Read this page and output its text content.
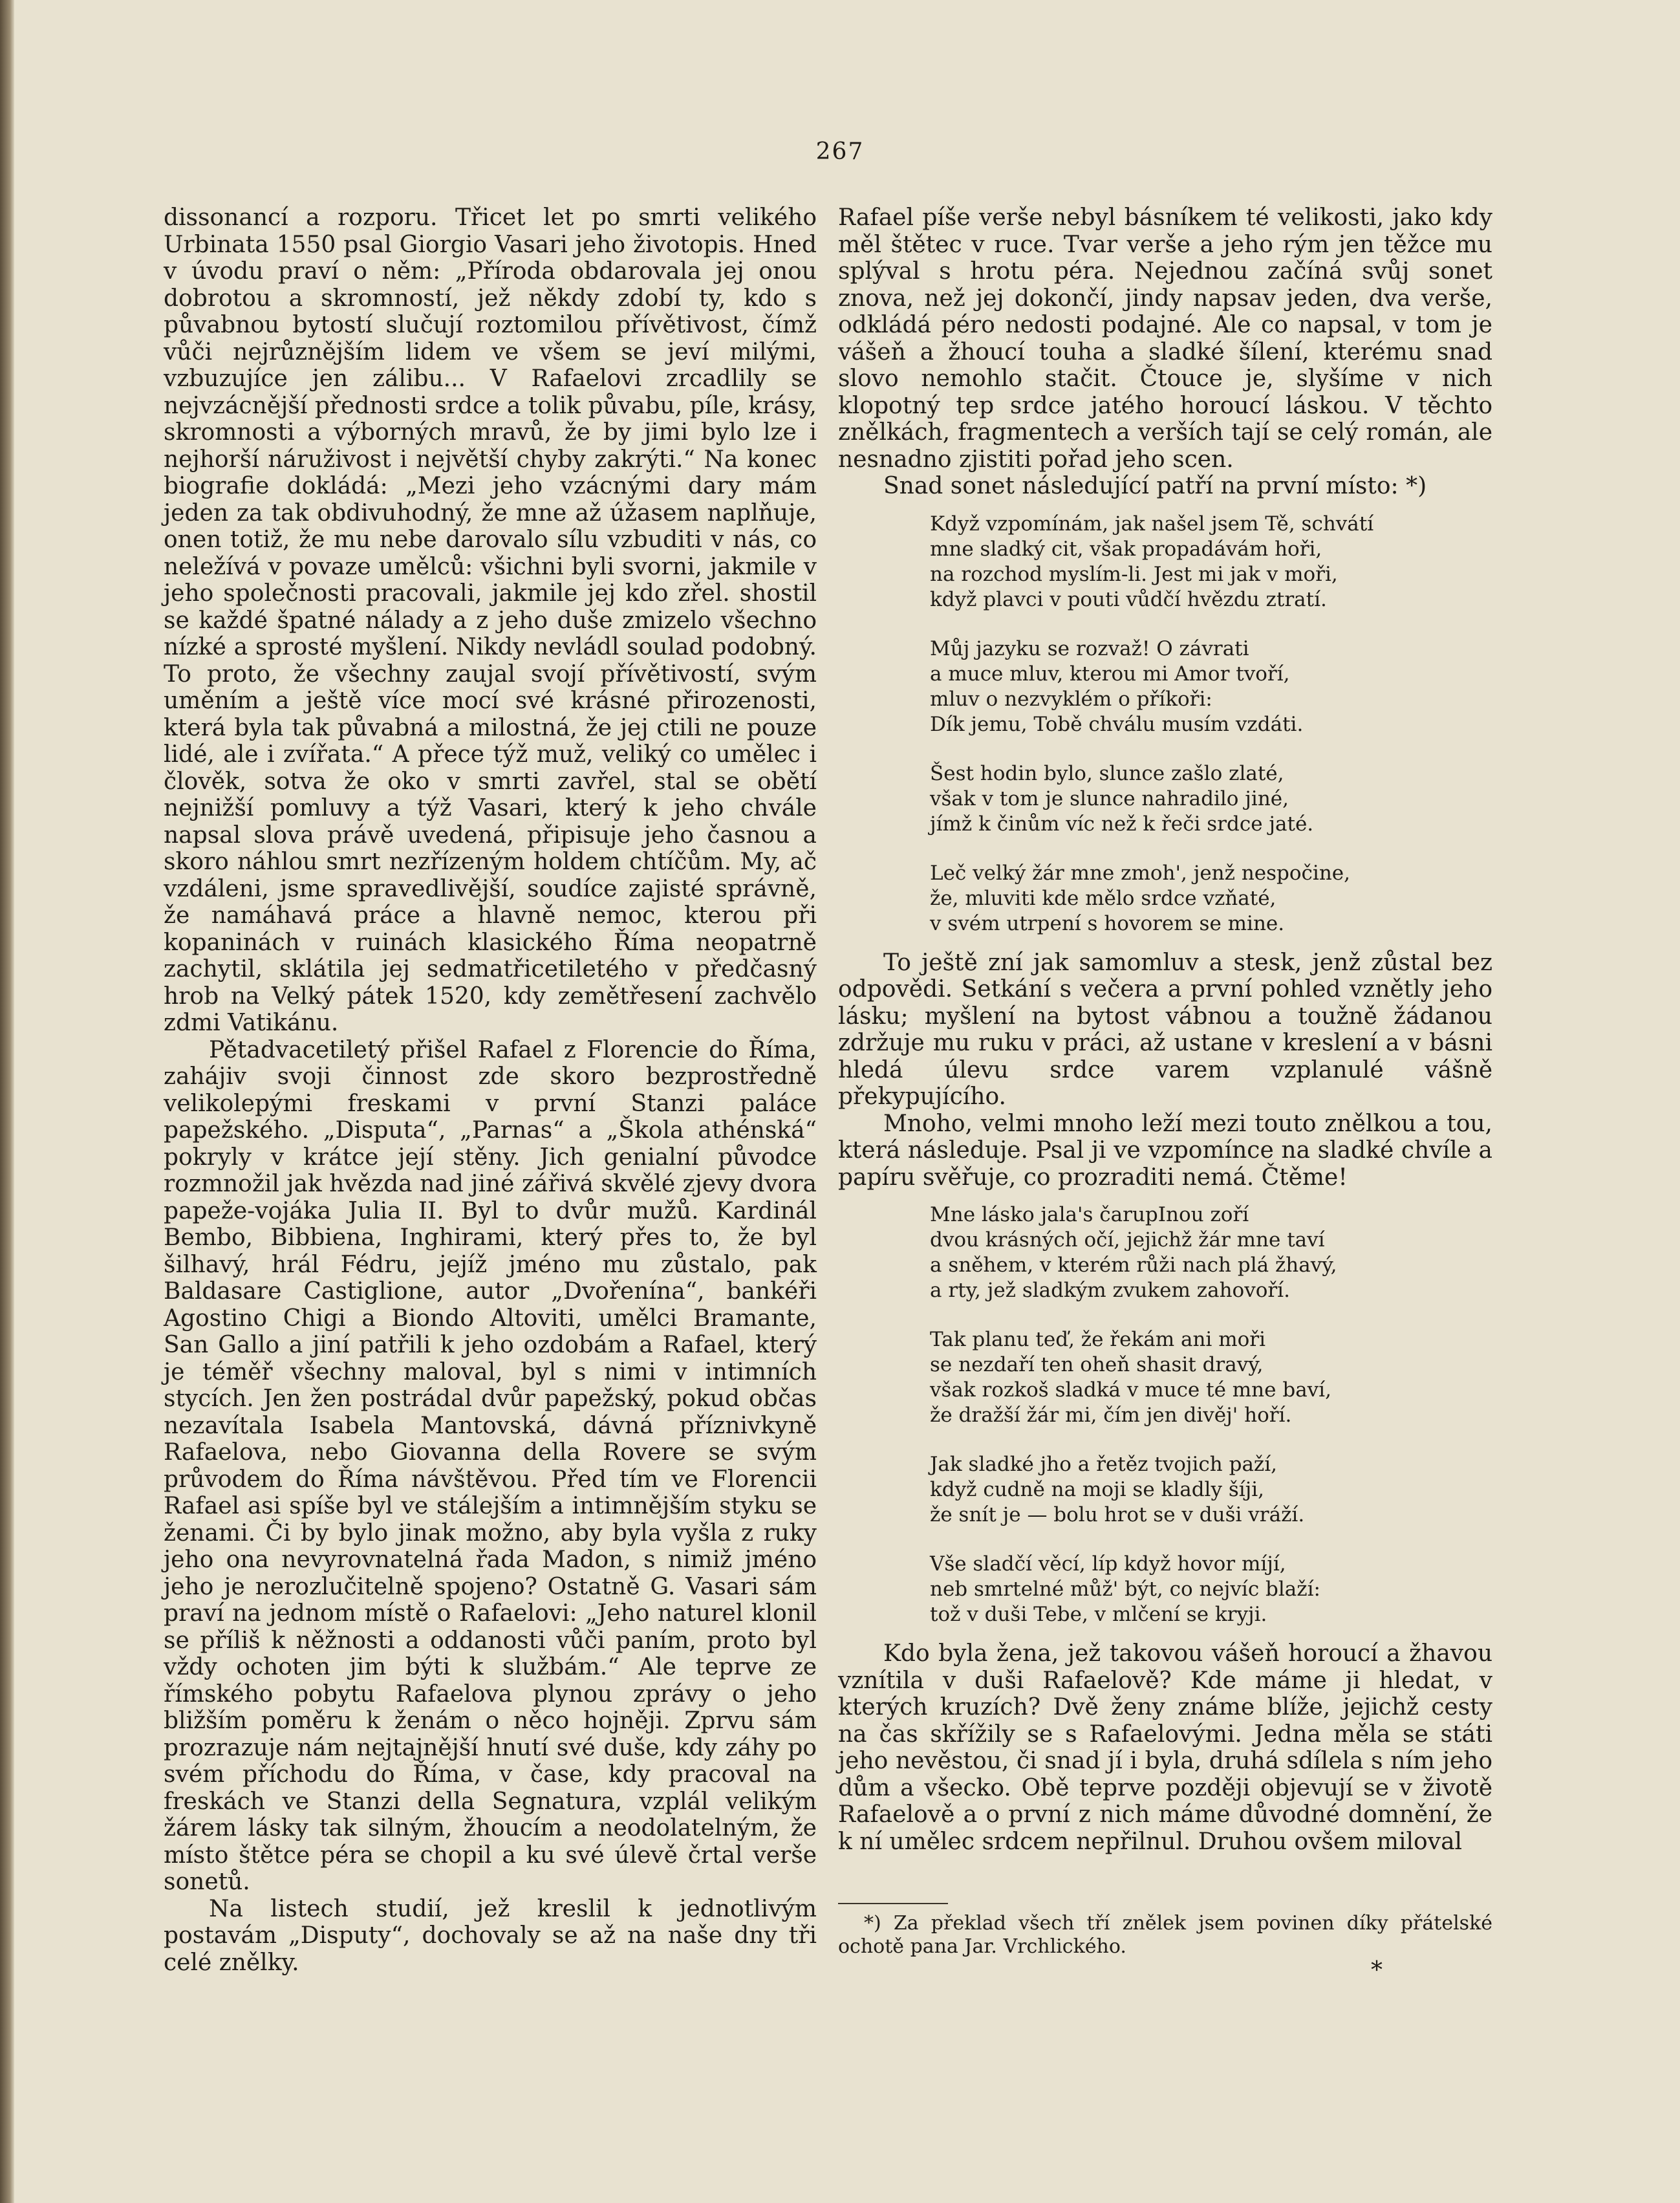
267

dissonancí a rozporu. Třicet let po smrti velikého Urbinata 1550 psal Giorgio Vasari jeho životopis. Hned v úvodu praví o něm: „Příroda obdarovala jej onou dobrotou a skromností, jež někdy zdobí ty, kdo s půvabnou bytostí slučují roztomilou přívětivost, čímž vůči nejrůznějším lidem ve všem se jeví milými, vzbuzujíce jen zálibu... V Rafaelovi zrcadlily se nejvzácnější přednosti srdce a tolik půvabu, píle, krásy, skromnosti a výborných mravů, že by jimi bylo lze i nejhorší náruživost i největší chyby zakrýti.“ Na konec biografie dokládá: „Mezi jeho vzácnými dary mám jeden za tak obdivuhodný, že mne až úžasem naplňuje, onen totiž, že mu nebe darovalo sílu vzbuditi v nás, co neležívá v povaze umělců: všichni byli svorni, jakmile v jeho společnosti pracovali, jakmile jej kdo zřel. shostil se každé špatné nálady a z jeho duše zmizelo všechno nízké a sprosté myšlení. Nikdy nevládl soulad podobný. To proto, že všechny zaujal svojí přívětivostí, svým uměním a ještě více mocí své krásné přirozenosti, která byla tak půvabná a milostná, že jej ctili ne pouze lidé, ale i zvířata.“ A přece týž muž, veliký co umělec i člověk, sotva že oko v smrti zavřel, stal se obětí nejnižší pomluvy a týž Vasari, který k jeho chvále napsal slova právě uvedená, připisuje jeho časnou a skoro náhlou smrt nezřízeným holdem chtíčům. My, ač vzdáleni, jsme spravedlivější, soudíce zajisté správně, že namáhavá práce a hlavně nemoc, kterou při kopaninách v ruinách klasického Říma neopatrně zachytil, sklátila jej sedmatřicetiletého v předčasný hrob na Velký pátek 1520, kdy zemětřesení zachvělo zdmi Vatikánu.

Pětadvacetiletý přišel Rafael z Florencie do Říma, zahájiv svoji činnost zde skoro bezprostředně velikolepými freskami v první Stanzi paláce papežského. „Disputa“, „Parnas“ a „Škola athénská“ pokryly v krátce její stěny. Jich genialní původce rozmnožil jak hvězda nad jiné zářivá skvělé zjevy dvora papeže-vojáka Julia II. Byl to dvůr mužů. Kardinál Bembo, Bibbiena, Inghirami, který přes to, že byl šilhavý, hrál Fédru, jejíž jméno mu zůstalo, pak Baldasare Castiglione, autor „Dvořenína“, bankéři Agostino Chigi a Biondo Altoviti, umělci Bramante, San Gallo a jiní patřili k jeho ozdobám a Rafael, který je téměř všechny maloval, byl s nimi v intimních stycích. Jen žen postrádal dvůr papežský, pokud občas nezavítala Isabela Mantovská, dávná příznivkyně Rafaelova, nebo Giovanna della Rovere se svým průvodem do Říma návštěvou. Před tím ve Florencii Rafael asi spíše byl ve stálejším a intimnějším styku se ženami. Či by bylo jinak možno, aby byla vyšla z ruky jeho ona nevyrovnatelná řada Madon, s nimiž jméno jeho je nerozlučitelně spojeno? Ostatně G. Vasari sám praví na jednom místě o Rafaelovi: „Jeho naturel klonil se příliš k něžnosti a oddanosti vůči paním, proto byl vždy ochoten jim býti k službám.“ Ale teprve ze římského pobytu Rafaelova plynou zprávy o jeho bližším poměru k ženám o něco hojněji. Zprvu sám prozrazuje nám nejtajnější hnutí své duše, kdy záhy po svém příchodu do Říma, v čase, kdy pracoval na freskách ve Stanzi della Segnatura, vzplál velikým žárem lásky tak silným, žhoucím a neodolatelným, že místo štětce péra se chopil a ku své úlevě črtal verše sonetů.

Na listech studií, jež kreslil k jednotlivým postavám „Disputy“, dochovaly se až na naše dny tři celé znělky.

Rafael píše verše nebyl básníkem té velikosti, jako kdy měl štětec v ruce. Tvar verše a jeho rým jen těžce mu splýval s hrotu péra. Nejednou začíná svůj sonet znova, než jej dokončí, jindy napsav jeden, dva verše, odkládá péro nedosti podajné. Ale co napsal, v tom je vášeň a žhoucí touha a sladké šílení, kterému snad slovo nemohlo stačit. Čtouce je, slyšíme v nich klopotný tep srdce jatého horoucí láskou. V těchto znělkách, fragmentech a verších tají se celý román, ale nesnadno zjistiti pořad jeho scen.

Snad sonet následující patří na první místo: *)

Když vzpomínám, jak našel jsem Tě, schvátí
mne sladký cit, však propadávám hoři,
na rozchod myslím-li. Jest mi jak v moři,
když plavci v pouti vůdčí hvězdu ztratí.
Můj jazyku se rozvaž! O závrati
a muce mluv, kterou mi Amor tvoří,
mluv o nezvyklém o příkoři:
Dík jemu, Tobě chválu musím vzdáti.
Šest hodin bylo, slunce zašlo zlaté,
však v tom je slunce nahradilo jiné,
jímž k činům víc než k řeči srdce jaté.
Leč velký žár mne zmoh', jenž nespočine,
že, mluviti kde mělo srdce vzňaté,
v svém utrpení s hovorem se mine.

To ještě zní jak samomluv a stesk, jenž zůstal bez odpovědi. Setkání s večera a první pohled vznětly jeho lásku; myšlení na bytost vábnou a toužně žádanou zdržuje mu ruku v práci, až ustane v kreslení a v básni hledá úlevu srdce varem vzplanulé vášně překypujícího.

Mnoho, velmi mnoho leží mezi touto znělkou a tou, která následuje. Psal ji ve vzpomínce na sladké chvíle a papíru svěřuje, co prozraditi nemá. Čtěme!

Mne lásko jala's čarupInou zoří
dvou krásných očí, jejichž žár mne taví
a sněhem, v kterém růži nach plá žhavý,
a rty, jež sladkým zvukem zahovoří.
Tak planu teď, že řekám ani moři
se nezdaří ten oheň shasit dravý,
však rozkoš sladká v muce té mne baví,
že dražší žár mi, čím jen divěj' hoří.
Jak sladké jho a řetěz tvojich paží,
když cudně na moji se kladly šíji,
že snít je — bolu hrot se v duši vráží.
Vše sladčí věcí, líp když hovor míjí,
neb smrtelné můž' být, co nejvíc blaží:
tož v duši Tebe, v mlčení se kryji.

Kdo byla žena, jež takovou vášeň horoucí a žhavou vznítila v duši Rafaelově? Kde máme ji hledat, v kterých kruzích? Dvě ženy známe blíže, jejichž cesty na čas skřížily se s Rafaelovými. Jedna měla se státi jeho nevěstou, či snad jí i byla, druhá sdílela s ním jeho dům a všecko. Obě teprve později objevují se v životě Rafaelově a o první z nich máme důvodné domnění, že k ní umělec srdcem nepřilnul. Druhou ovšem miloval

*) Za překlad všech tří znělek jsem povinen díky přátelské ochotě pana Jar. Vrchlického.
*
